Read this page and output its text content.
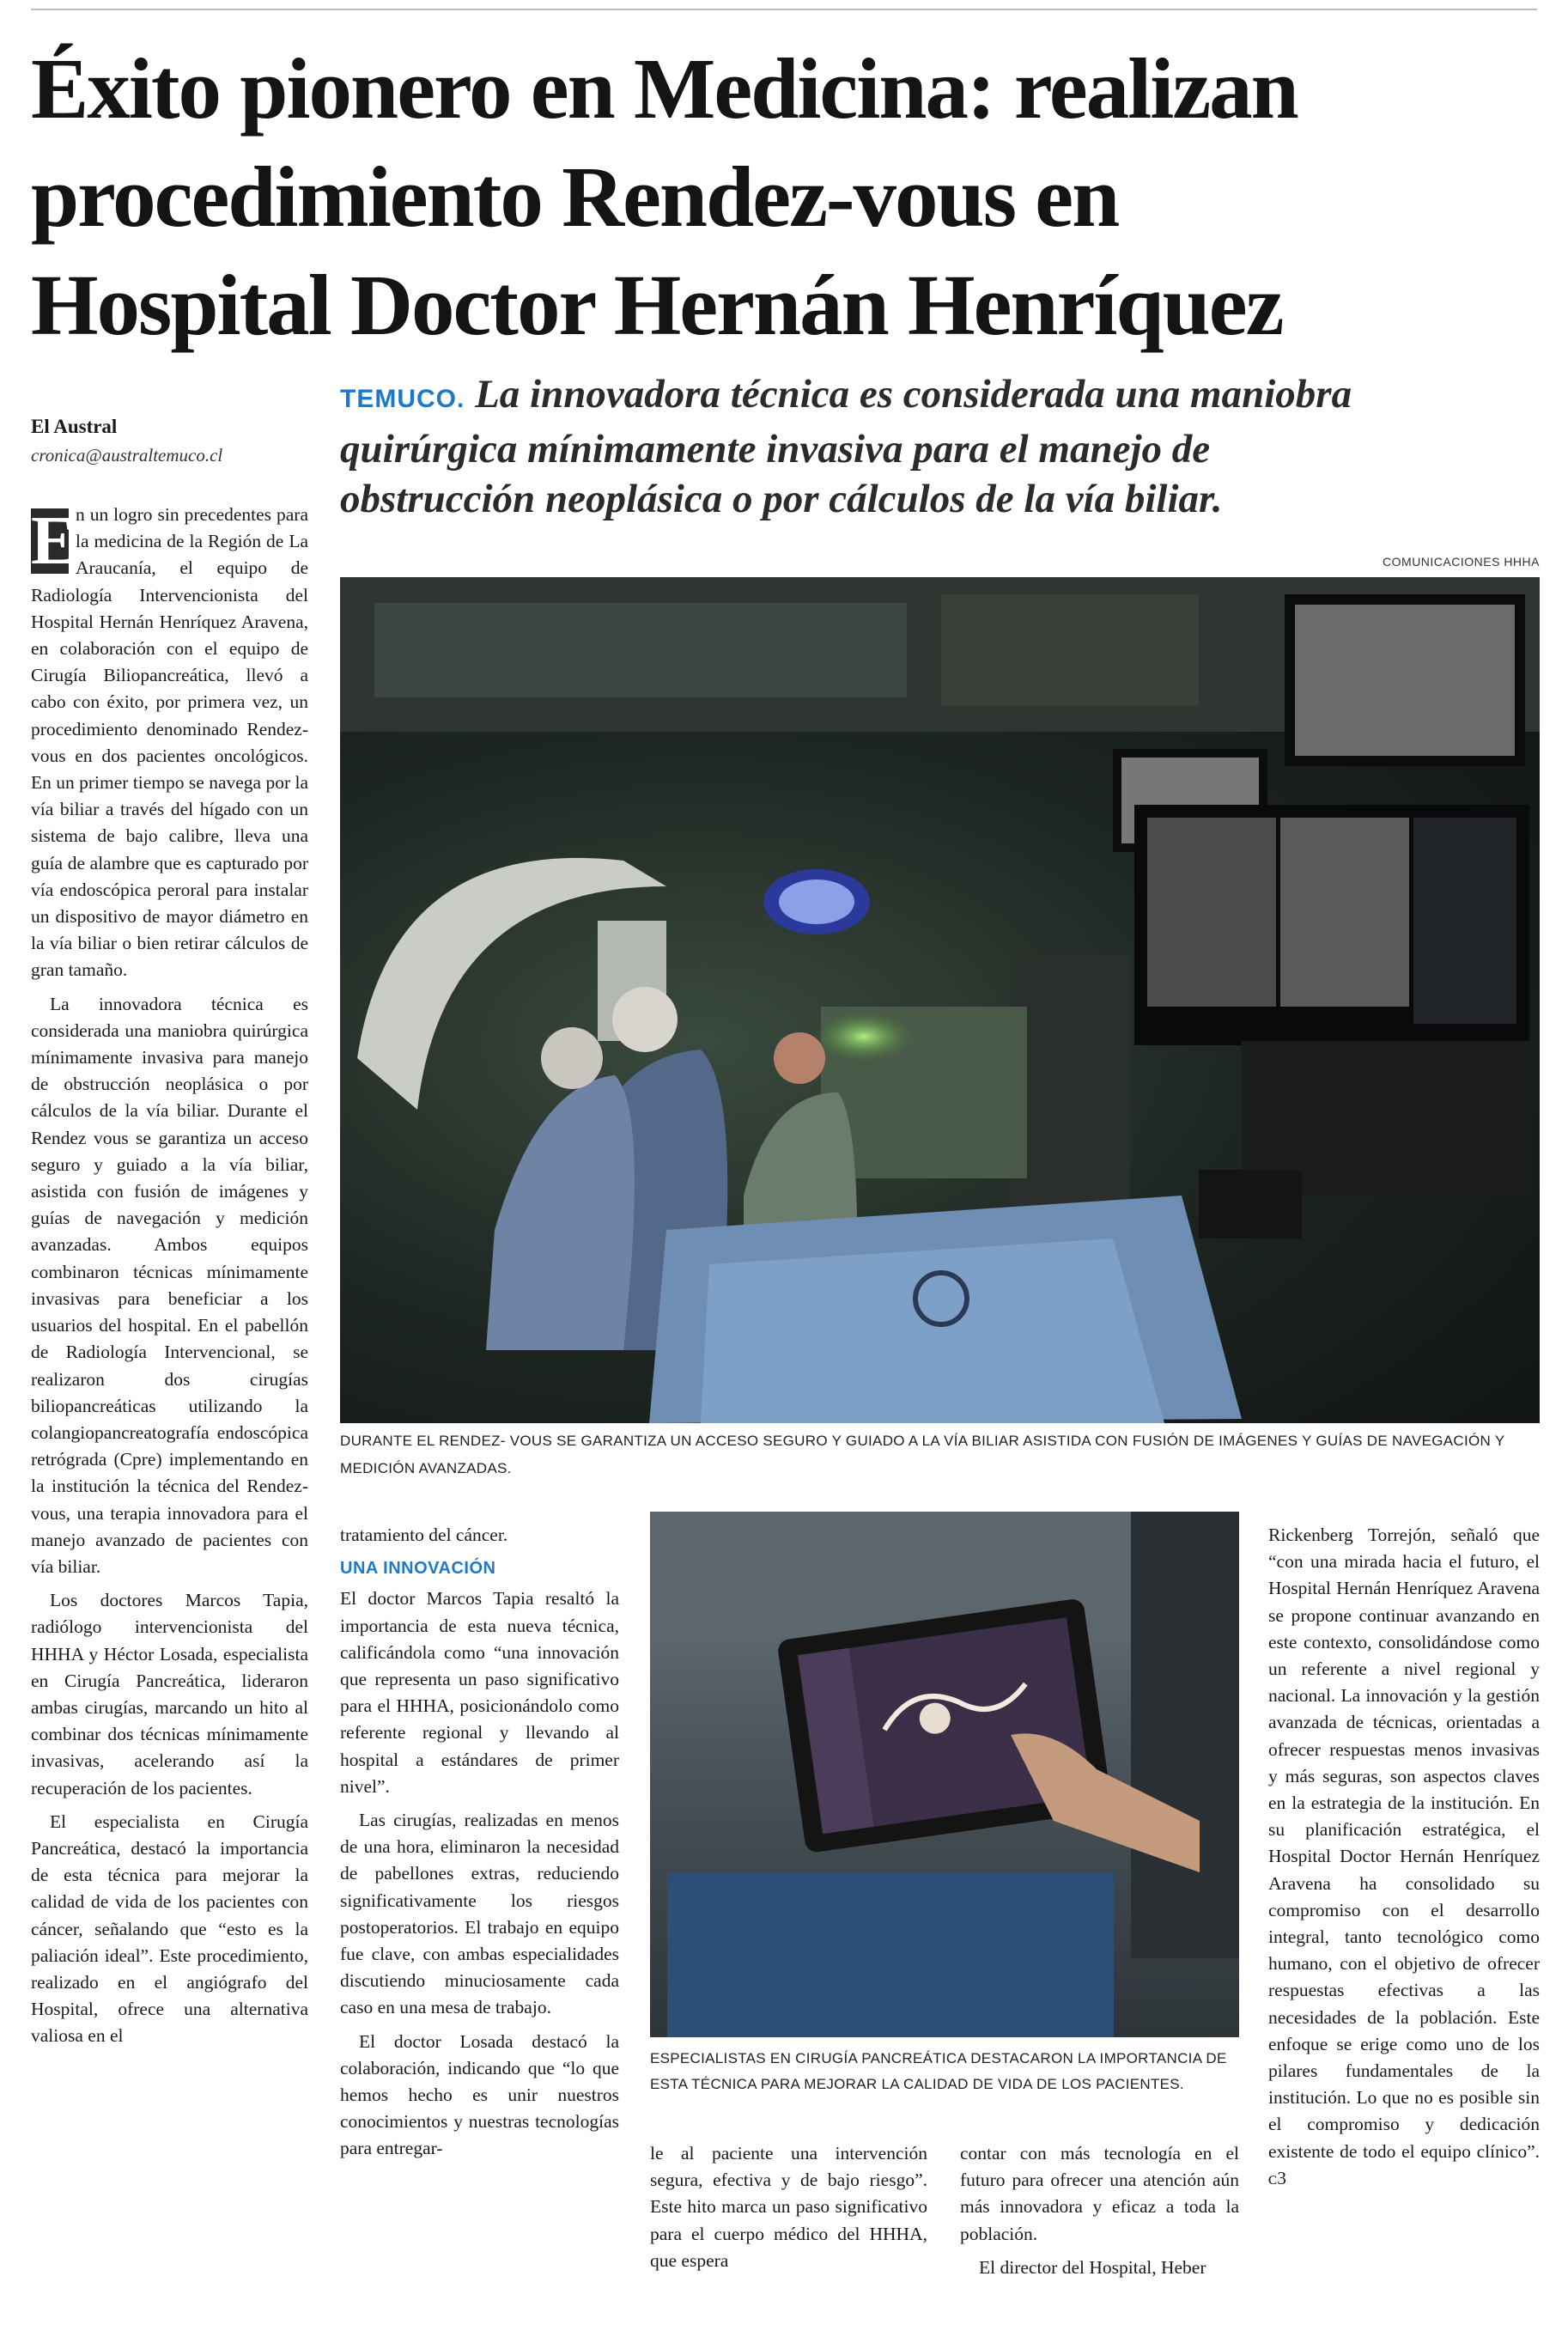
Éxito pionero en Medicina: realizan
procedimiento Rendez-vous en
Hospital Doctor Hernán Henríquez
El Austral
cronica@australtemuco.cl
TEMUCO. La innovadora técnica es considerada una maniobra
quirúrgica mínimamente invasiva para el manejo de
obstrucción neoplásica o por cálculos de la vía biliar.
COMUNICACIONES HHHA
DURANTE EL RENDEZ- VOUS SE GARANTIZA UN ACCESO SEGURO Y GUIADO A LA VÍA BILIAR ASISTIDA CON FUSIÓN DE IMÁGENES Y GUÍAS DE NAVEGACIÓN Y MEDICIÓN AVANZADAS.

E
n un logro sin precedentes para la medicina de la Región de La Araucanía, el equipo de Radiología Intervencionista del Hospital Hernán Henríquez Aravena, en colaboración con el equipo de Cirugía Biliopancreática, llevó a cabo con éxito, por primera vez, un procedimiento denominado Rendez-vous en dos pacientes oncológicos. En un primer tiempo se navega por la vía biliar a través del hígado con un sistema de bajo calibre, lleva una guía de alambre que es capturado por vía endoscópica peroral para instalar un dispositivo de mayor diámetro en la vía biliar o bien retirar cálculos de gran tamaño.

La innovadora técnica es considerada una maniobra quirúrgica mínimamente invasiva para manejo de obstrucción neoplásica o por cálculos de la vía biliar. Durante el Rendez vous se garantiza un acceso seguro y guiado a la vía biliar, asistida con fusión de imágenes y guías de navegación y medición avanzadas. Ambos equipos combinaron técnicas mínimamente invasivas para beneficiar a los usuarios del hospital. En el pabellón de Radiología Intervencional, se realizaron dos cirugías biliopancreáticas utilizando la colangiopancreatografía endoscópica retrógrada (Cpre) implementando en la institución la técnica del Rendez-vous, una terapia innovadora para el manejo avanzado de pacientes con vía biliar.

Los doctores Marcos Tapia, radiólogo intervencionista del HHHA y Héctor Losada, especialista en Cirugía Pancreática, lideraron ambas cirugías, marcando un hito al combinar dos técnicas mínimamente invasivas, acelerando así la recuperación de los pacientes.

El especialista en Cirugía Pancreática, destacó la importancia de esta técnica para mejorar la calidad de vida de los pacientes con cáncer, señalando que “esto es la paliación ideal”. Este procedimiento, realizado en el angiógrafo del Hospital, ofrece una alternativa valiosa en el

tratamiento del cáncer.

UNA INNOVACIÓN

El doctor Marcos Tapia resaltó la importancia de esta nueva técnica, calificándola como “una innovación que representa un paso significativo para el HHHA, posicionándolo como referente regional y llevando al hospital a estándares de primer nivel”.

Las cirugías, realizadas en menos de una hora, eliminaron la necesidad de pabellones extras, reduciendo significativamente los riesgos postoperatorios. El trabajo en equipo fue clave, con ambas especialidades discutiendo minuciosamente cada caso en una mesa de trabajo.

El doctor Losada destacó la colaboración, indicando que “lo que hemos hecho es unir nuestros conocimientos y nuestras tecnologías para entregar-

ESPECIALISTAS EN CIRUGÍA PANCREÁTICA DESTACARON LA IMPORTANCIA DE ESTA TÉCNICA PARA MEJORAR LA CALIDAD DE VIDA DE LOS PACIENTES.

le al paciente una intervención segura, efectiva y de bajo riesgo”. Este hito marca un paso significativo para el cuerpo médico del HHHA, que espera

contar con más tecnología en el futuro para ofrecer una atención aún más innovadora y eficaz a toda la población.

El director del Hospital, Heber

Rickenberg Torrejón, señaló que “con una mirada hacia el futuro, el Hospital Hernán Henríquez Aravena se propone continuar avanzando en este contexto, consolidándose como un referente a nivel regional y nacional. La innovación y la gestión avanzada de técnicas, orientadas a ofrecer respuestas menos invasivas y más seguras, son aspectos claves en la estrategia de la institución. En su planificación estratégica, el Hospital Doctor Hernán Henríquez Aravena ha consolidado su compromiso con el desarrollo integral, tanto tecnológico como humano, con el objetivo de ofrecer respuestas efectivas a las necesidades de la población. Este enfoque se erige como uno de los pilares fundamentales de la institución. Lo que no es posible sin el compromiso y dedicación existente de todo el equipo clínico”. ᴄ3
